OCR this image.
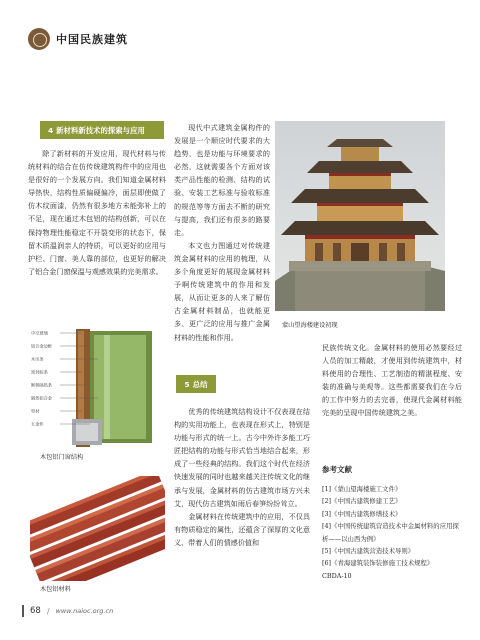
中国民族建筑
4 新材料新技术的探索与应用

除了新材料的开发应用，现代材料与传统材料的结合在仿传统建筑构件中的应用也是很好的一个发展方向。我们知道金属材料导热快，结构性质偏硬偏冷，面层即使做了仿木纹面漆，仍然有很多地方未能弥补上的不足，现在通过木包铝的结构创新，可以在保持物理性能稳定不开裂变形的状态下，保留木质温润亲人的特质，可以更好的应用与护栏、门窗、美人靠的部位，也更好的解决了铝合金门窗保温与观感效果的完美需求。

中空玻璃
铝合金边框
木压条
密封胶条
断桥隔热条
隔热铝合金
型材
五金件
木包铝门窗结构
木包铝材料

现代中式建筑金属构件的发展是一个顺应时代要求的大趋势，也是功能与环境要求的必然，这就需要各个方面对该类产品性能的检测、结构的试验、安装工艺标准与验收标准的规范等等方面去不断的研究与提高，我们还有很多的路要走。

本文也力图通过对传统建筑金属材料的应用的梳理，从多个角度更好的展现金属材料予啊传统建筑中的作用和发展，从而让更多的人来了解仿古金属材料制品，也就能更多、更广泛的应用与推广金属材料的性能和作用。

蒙山望海楼建设初现

民族传统文化。金属材料的使用必然要经过人员的加工精敲，才使用到传统建筑中，材料使用的合理性、工艺制造的精湛程度、安装的准确与美观等。这些都需要我们在今后的工作中努力的去完善，使现代金属材料能完美的呈现中国传统建筑之美。

5 总结

优秀的传统建筑结构设计不仅表现在结构的实用功能上，也表现在形式上，特别是功能与形式的统一上。古今中外许多能工巧匠把结构的功能与形式恰当地结合起来，形成了一些经典的结构。我们这个时代在经济快速发展的同时也越来越关注传统文化的继承与发展，金属材料的仿古建筑市场方兴未艾，现代仿古建筑如雨后春笋纷纷耸立。

金属材料在传统建筑中的应用，不仅具有物质稳定的属性，还蕴含了深厚的文化意义、带着人们的情感价值和

参考文献
[1]《蒙山望海楼施工文件》
[2]《中国古建筑修建工艺》
[3]《中国古建筑修缮技术》
[4]《中国传统建筑营造技术中金属材料的应用探析——以山西为例》
[5]《中国古建筑营造技术导则》
[6]《青海建筑装饰装修施工技术规程》
CBDA-10
68 / www.naioc.org.cn
